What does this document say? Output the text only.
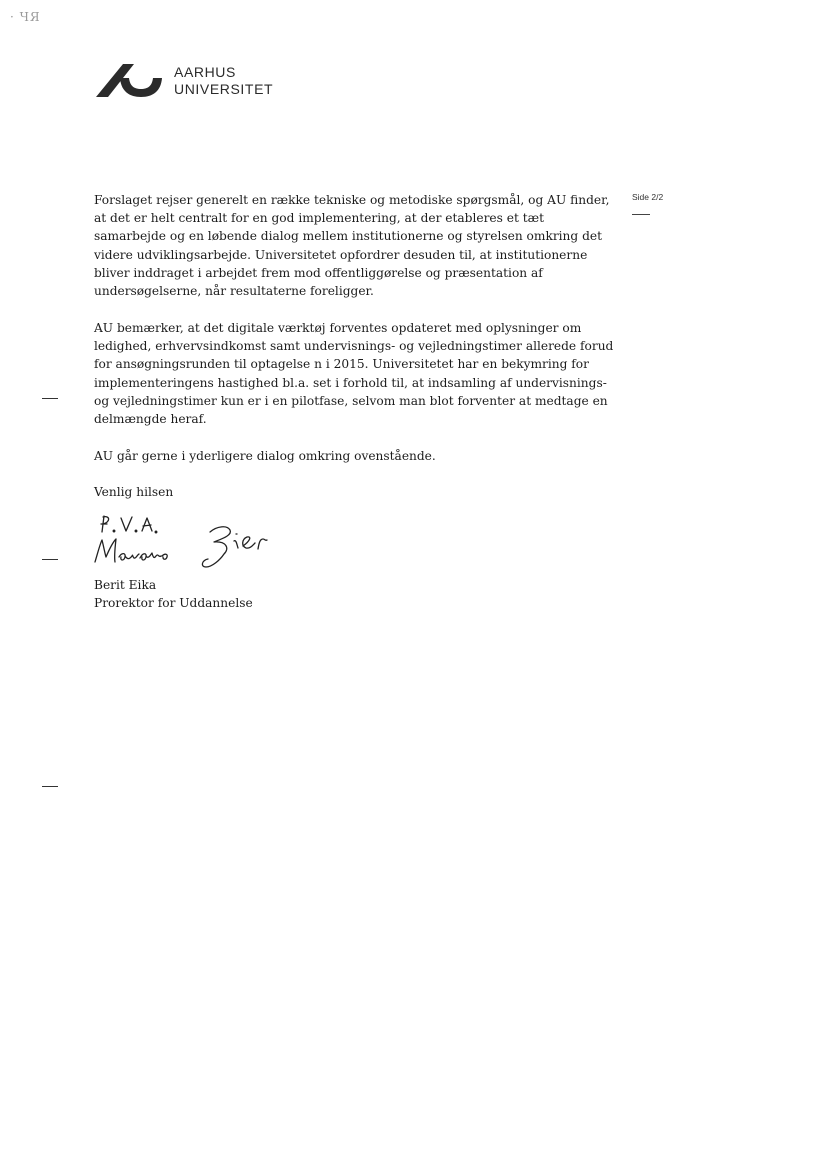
· ЧЯ
AARHUS
UNIVERSITET
Side 2/2

Forslaget rejser generelt en række tekniske og metodiske spørgsmål, og AU finder, at det er helt centralt for en god implementering, at der etableres et tæt samarbejde og en løbende dialog mellem institutionerne og styrelsen omkring det videre udviklingsarbejde. Universitetet opfordrer desuden til, at institutionerne bliver inddraget i arbejdet frem mod offentliggørelse og præsentation af undersøgelserne, når resultaterne foreligger.

AU bemærker, at det digitale værktøj forventes opdateret med oplysninger om ledighed, erhvervsindkomst samt undervisnings- og vejledningstimer allerede forud for ansøgningsrunden til optagelse n i 2015. Universitetet har en bekymring for implementeringens hastighed bl.a. set i forhold til, at indsamling af undervisnings- og vejledningstimer kun er i en pilotfase, selvom man blot forventer at medtage en delmængde heraf.

AU går gerne i yderligere dialog omkring ovenstående.

Venlig hilsen
Berit Eika
Prorektor for Uddannelse
